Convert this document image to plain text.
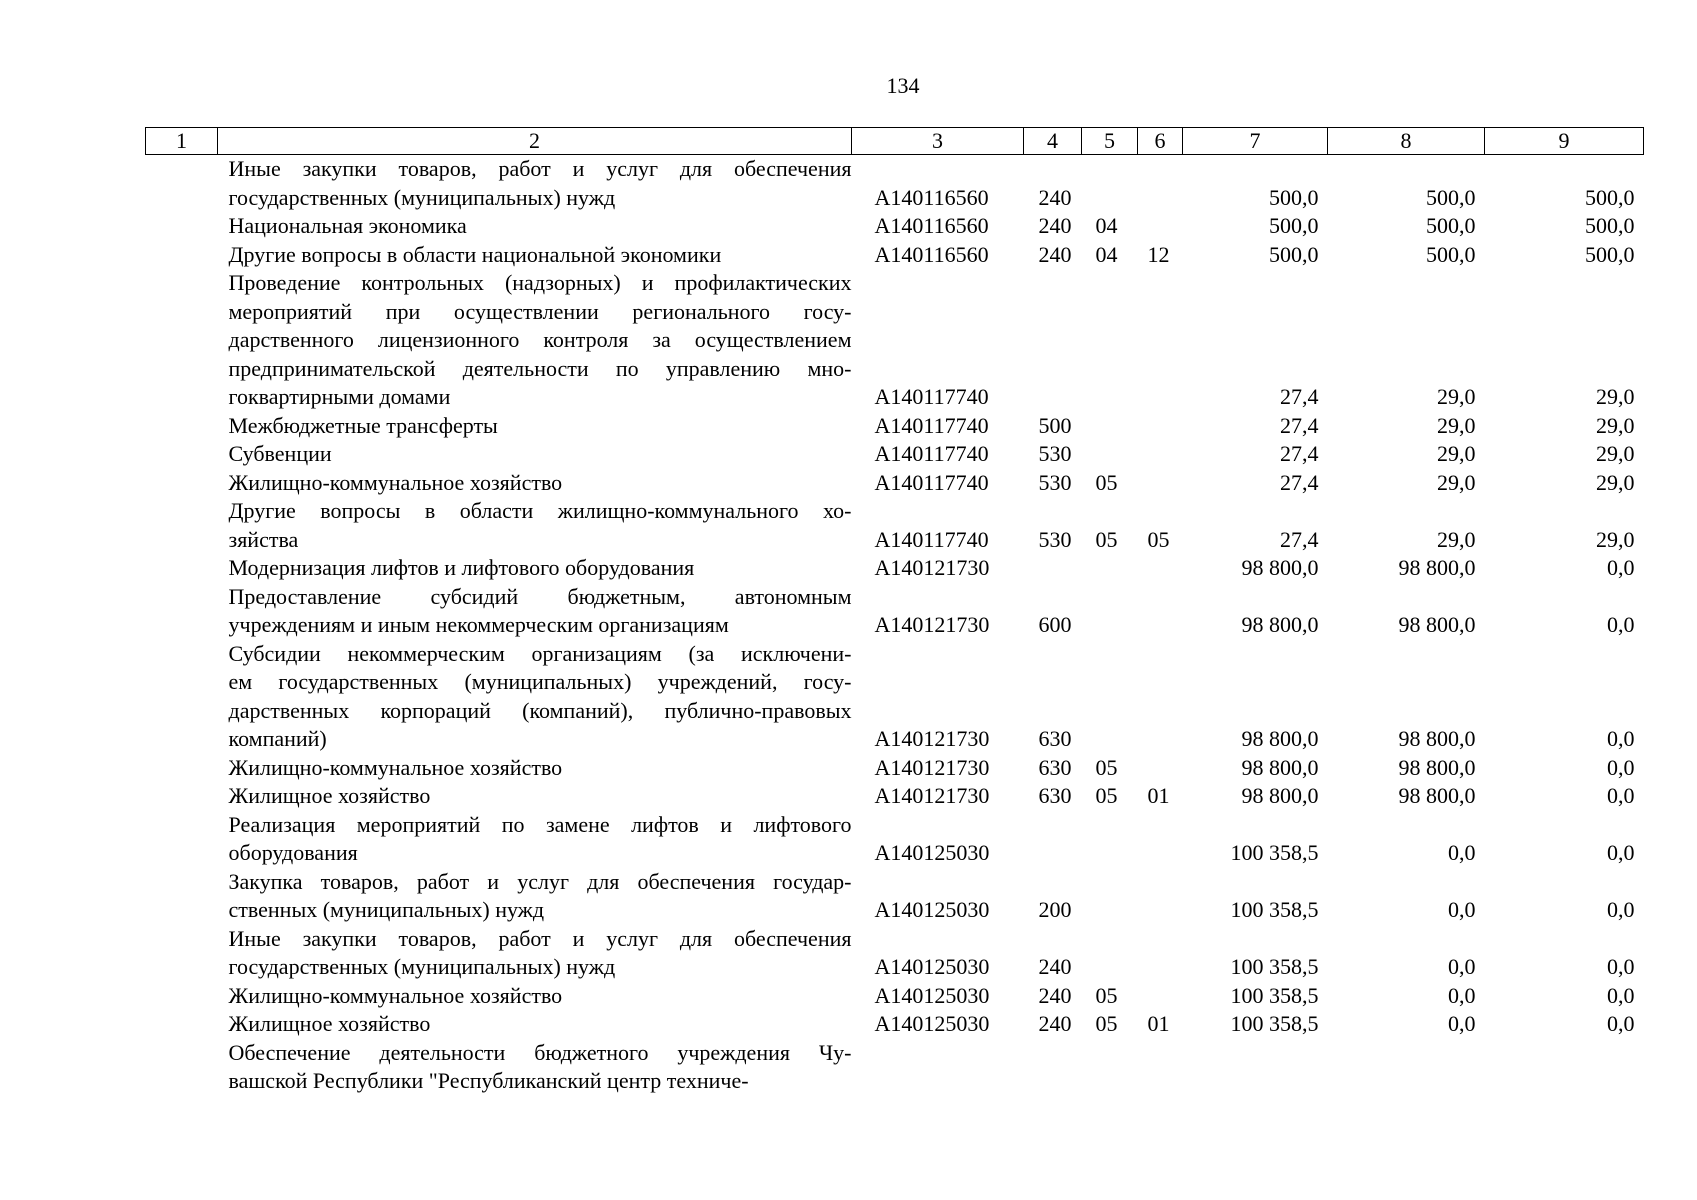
134
1	2	3	4	5	6	7	8	9

	Иные закупки товаров, работ и услуг для обеспечения
государственных (муниципальных) нужд	А140116560	240			500,0	500,0	500,0

	Национальная экономика	А140116560	240	04		500,0	500,0	500,0

	Другие вопросы в области национальной экономики	А140116560	240	04	12	500,0	500,0	500,0

	Проведение контрольных (надзорных) и профилактических
мероприятий при осуществлении регионального госу-
дарственного лицензионного контроля за осуществлением
предпринимательской деятельности по управлению мно-
гоквартирными домами	А140117740				27,4	29,0	29,0

	Межбюджетные трансферты	А140117740	500			27,4	29,0	29,0

	Субвенции	А140117740	530			27,4	29,0	29,0

	Жилищно-коммунальное хозяйство	А140117740	530	05		27,4	29,0	29,0

	Другие вопросы в области жилищно-коммунального хо-
зяйства	А140117740	530	05	05	27,4	29,0	29,0

	Модернизация лифтов и лифтового оборудования	А140121730				98 800,0	98 800,0	0,0

	Предоставление субсидий бюджетным, автономным
учреждениям и иным некоммерческим организациям	А140121730	600			98 800,0	98 800,0	0,0

	Субсидии некоммерческим организациям (за исключени-
ем государственных (муниципальных) учреждений, госу-
дарственных корпораций (компаний), публично-правовых
компаний)	А140121730	630			98 800,0	98 800,0	0,0

	Жилищно-коммунальное хозяйство	А140121730	630	05		98 800,0	98 800,0	0,0

	Жилищное хозяйство	А140121730	630	05	01	98 800,0	98 800,0	0,0

	Реализация мероприятий по замене лифтов и лифтового
оборудования	А140125030				100 358,5	0,0	0,0

	Закупка товаров, работ и услуг для обеспечения государ-
ственных (муниципальных) нужд	А140125030	200			100 358,5	0,0	0,0

	Иные закупки товаров, работ и услуг для обеспечения
государственных (муниципальных) нужд	А140125030	240			100 358,5	0,0	0,0

	Жилищно-коммунальное хозяйство	А140125030	240	05		100 358,5	0,0	0,0

	Жилищное хозяйство	А140125030	240	05	01	100 358,5	0,0	0,0

	Обеспечение деятельности бюджетного учреждения Чу-
вашской Республики "Республиканский центр техниче-							
